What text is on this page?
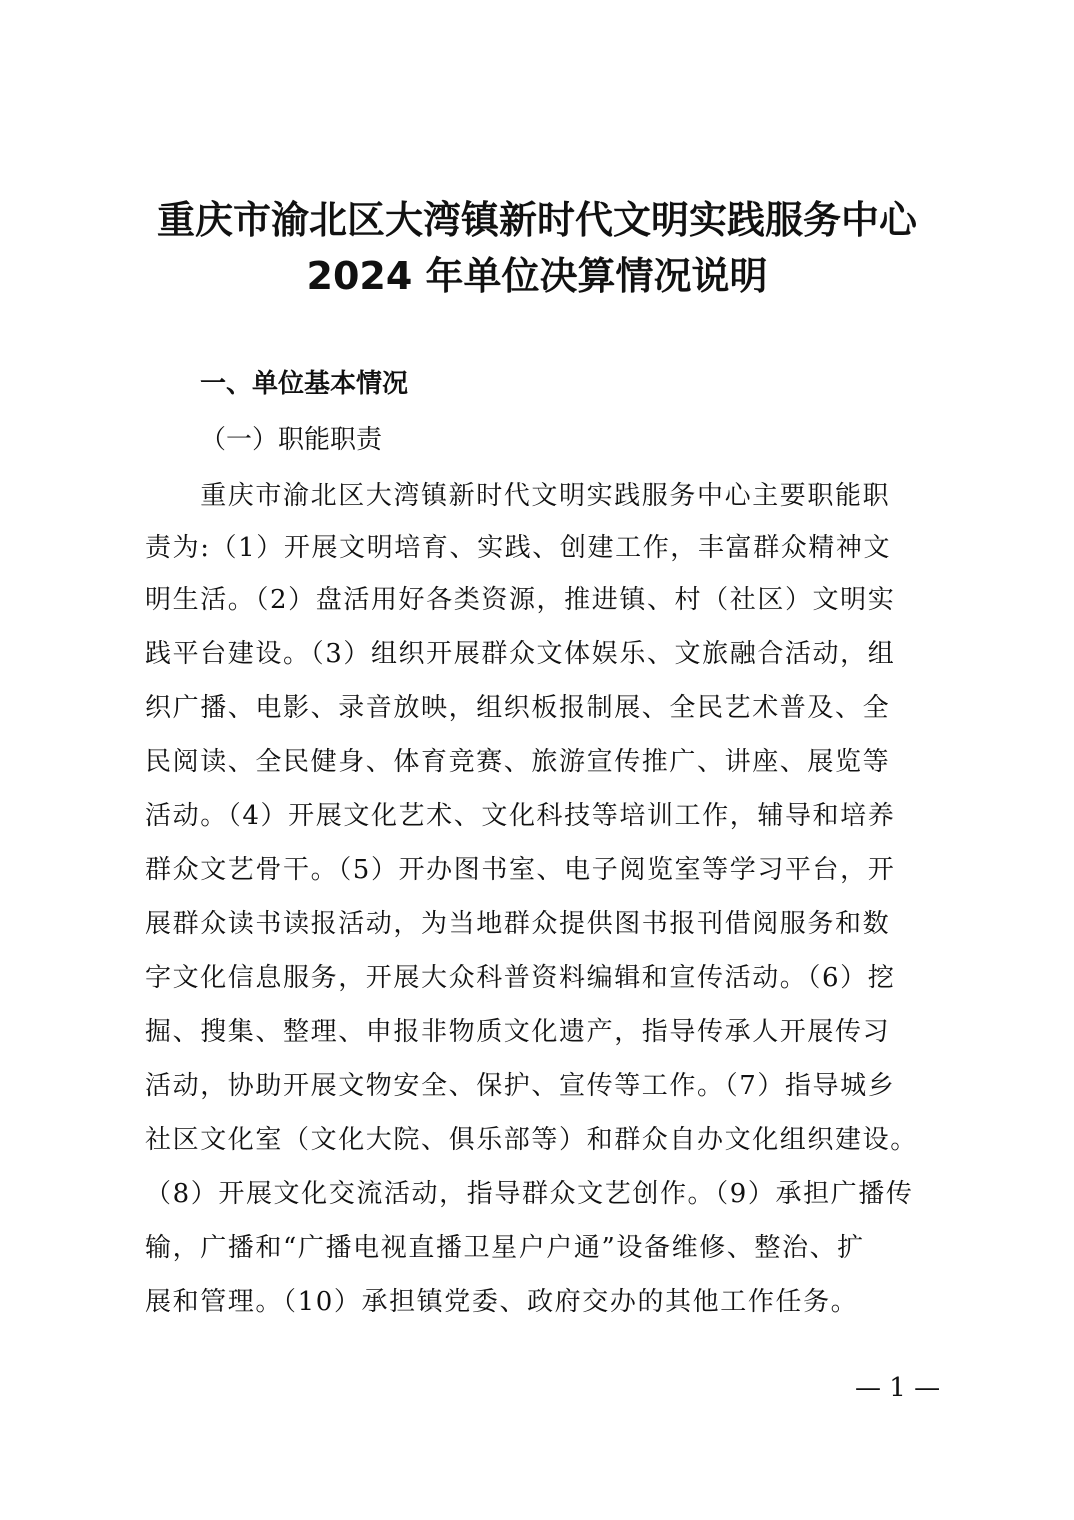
重庆市渝北区大湾镇新时代文明实践服务中心
2024 年单位决算情况说明
一、单位基本情况
（一）职能职责
　　重庆市渝北区大湾镇新时代文明实践服务中心主要职能职
责为:（1）开展文明培育、实践、创建工作，丰富群众精神文
明生活。（2）盘活用好各类资源，推进镇、村（社区）文明实
践平台建设。（3）组织开展群众文体娱乐、文旅融合活动，组
织广播、电影、录音放映，组织板报制展、全民艺术普及、全
民阅读、全民健身、体育竞赛、旅游宣传推广、讲座、展览等
活动。（4）开展文化艺术、文化科技等培训工作，辅导和培养
群众文艺骨干。（5）开办图书室、电子阅览室等学习平台，开
展群众读书读报活动，为当地群众提供图书报刊借阅服务和数
字文化信息服务，开展大众科普资料编辑和宣传活动。（6）挖
掘、搜集、整理、申报非物质文化遗产，指导传承人开展传习
活动，协助开展文物安全、保护、宣传等工作。（7）指导城乡
社区文化室（文化大院、俱乐部等）和群众自办文化组织建设。
（8）开展文化交流活动，指导群众文艺创作。（9）承担广播传
输，广播和“广播电视直播卫星户户通”设备维修、整治、扩
展和管理。（10）承担镇党委、政府交办的其他工作任务。
— 1 —
